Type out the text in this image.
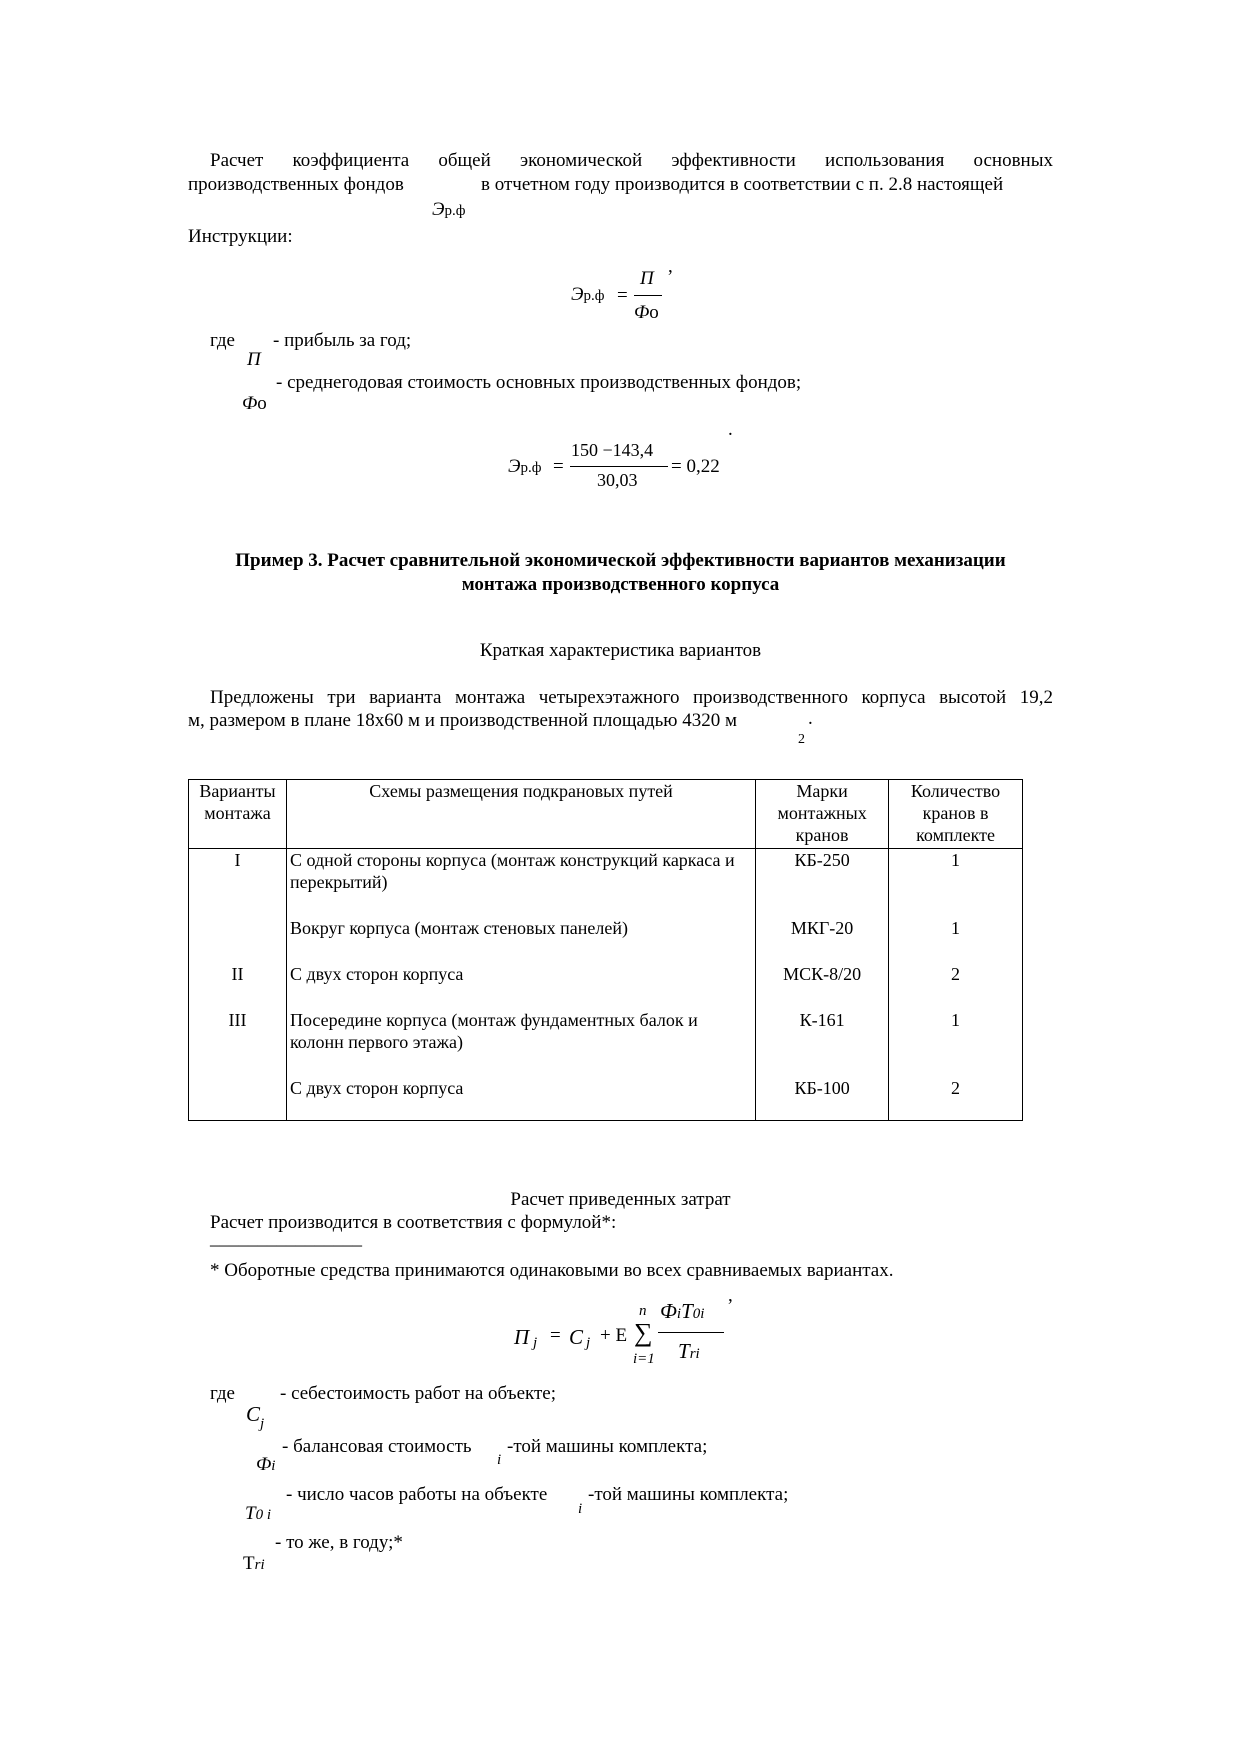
Расчет коэффициента общей экономической эффективности использования основных
производственных фондов	в отчетном году производится в соответствии с п. 2.8 настоящей
Эр.ф
Инструкции:
Эр.ф =
П
Фо
,
где - прибыль за год;
П
- среднегодовая стоимость основных производственных фондов;
Фо
.
Эр.ф =
150 −143,4
30,03
= 0,22
Пример 3. Расчет сравнительной экономической эффективности вариантов механизации
монтажа производственного корпуса
Краткая характеристика вариантов
Предложены три варианта монтажа четырехэтажного производственного корпуса высотой 19,2
м, размером в плане 18х60 м и производственной площадью 4320 м
2
.
Варианты монтажа	Схемы размещения подкрановых путей	Марки монтажных кранов	Количество кранов в комплекте
I	С одной стороны корпуса (монтаж конструкций каркаса и перекрытий)	КБ-250	1
	Вокруг корпуса (монтаж стеновых панелей)	МКГ-20	1
II	С двух сторон корпуса	МСК-8/20	2
III	Посередине корпуса (монтаж фундаментных балок и колонн первого этажа)	К-161	1
	С двух сторон корпуса	КБ-100	2
Расчет приведенных затрат
Расчет производится в соответствия с формулой*:
________________
* Оборотные средства принимаются одинаковыми во всех сравниваемых вариантах.
,
П j = C j + E
n
∑
i=1
ФiT0i
Tri
где - себестоимость работ на объекте;
$C_j$
- балансовая стоимость
i
-той машины комплекта;
Фi
- число часов работы на объекте
i
-той машины комплекта;
T0 i
- то же, в году;*
Тri
